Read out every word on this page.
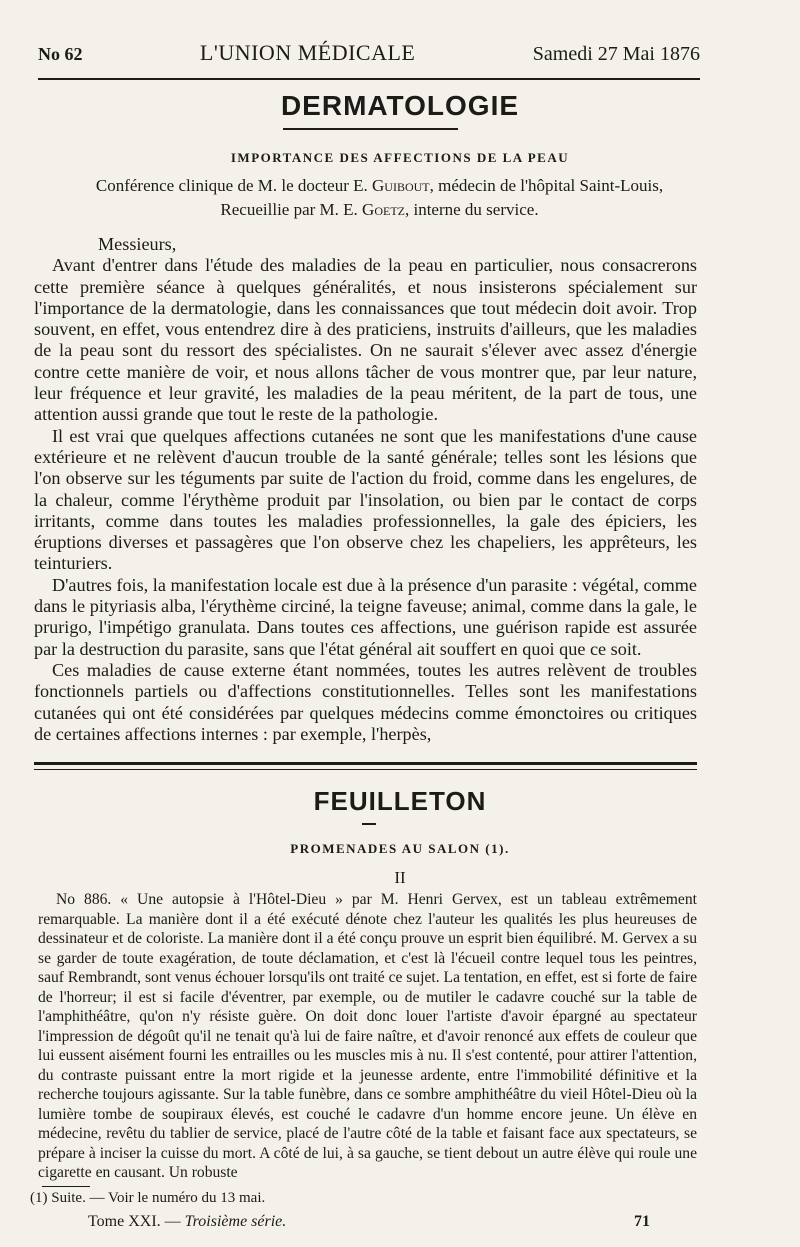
No 62	L'UNION MÉDICALE	Samedi 27 Mai 1876
DERMATOLOGIE
IMPORTANCE DES AFFECTIONS DE LA PEAU
Conférence clinique de M. le docteur E. Guibout, médecin de l'hôpital Saint-Louis,
Recueillie par M. E. Goetz, interne du service.

Messieurs,

Avant d'entrer dans l'étude des maladies de la peau en particulier, nous consacrerons cette première séance à quelques généralités, et nous insisterons spécialement sur l'importance de la dermatologie, dans les connaissances que tout médecin doit avoir. Trop souvent, en effet, vous entendrez dire à des praticiens, instruits d'ailleurs, que les maladies de la peau sont du ressort des spécialistes. On ne saurait s'élever avec assez d'énergie contre cette manière de voir, et nous allons tâcher de vous montrer que, par leur nature, leur fréquence et leur gravité, les maladies de la peau méritent, de la part de tous, une attention aussi grande que tout le reste de la pathologie.

Il est vrai que quelques affections cutanées ne sont que les manifestations d'une cause extérieure et ne relèvent d'aucun trouble de la santé générale; telles sont les lésions que l'on observe sur les téguments par suite de l'action du froid, comme dans les engelures, de la chaleur, comme l'érythème produit par l'insolation, ou bien par le contact de corps irritants, comme dans toutes les maladies professionnelles, la gale des épiciers, les éruptions diverses et passagères que l'on observe chez les chapeliers, les apprêteurs, les teinturiers.

D'autres fois, la manifestation locale est due à la présence d'un parasite : végétal, comme dans le pityriasis alba, l'érythème circiné, la teigne faveuse; animal, comme dans la gale, le prurigo, l'impétigo granulata. Dans toutes ces affections, une guérison rapide est assurée par la destruction du parasite, sans que l'état général ait souffert en quoi que ce soit.

Ces maladies de cause externe étant nommées, toutes les autres relèvent de troubles fonctionnels partiels ou d'affections constitutionnelles. Telles sont les manifestations cutanées qui ont été considérées par quelques médecins comme émonctoires ou critiques de certaines affections internes : par exemple, l'herpès,

FEUILLETON
PROMENADES AU SALON (1).
II

No 886. « Une autopsie à l'Hôtel-Dieu » par M. Henri Gervex, est un tableau extrêmement remarquable. La manière dont il a été exécuté dénote chez l'auteur les qualités les plus heureuses de dessinateur et de coloriste. La manière dont il a été conçu prouve un esprit bien équilibré. M. Gervex a su se garder de toute exagération, de toute déclamation, et c'est là l'écueil contre lequel tous les peintres, sauf Rembrandt, sont venus échouer lorsqu'ils ont traité ce sujet. La tentation, en effet, est si forte de faire de l'horreur; il est si facile d'éventrer, par exemple, ou de mutiler le cadavre couché sur la table de l'amphithéâtre, qu'on n'y résiste guère. On doit donc louer l'artiste d'avoir épargné au spectateur l'impression de dégoût qu'il ne tenait qu'à lui de faire naître, et d'avoir renoncé aux effets de couleur que lui eussent aisément fourni les entrailles ou les muscles mis à nu. Il s'est contenté, pour attirer l'attention, du contraste puissant entre la mort rigide et la jeunesse ardente, entre l'immobilité définitive et la recherche toujours agissante. Sur la table funèbre, dans ce sombre amphithéâtre du vieil Hôtel-Dieu où la lumière tombe de soupiraux élevés, est couché le cadavre d'un homme encore jeune. Un élève en médecine, revêtu du tablier de service, placé de l'autre côté de la table et faisant face aux spectateurs, se prépare à inciser la cuisse du mort. A côté de lui, à sa gauche, se tient debout un autre élève qui roule une cigarette en causant. Un robuste

(1) Suite. — Voir le numéro du 13 mai.
Tome XXI. — Troisième série.	71
